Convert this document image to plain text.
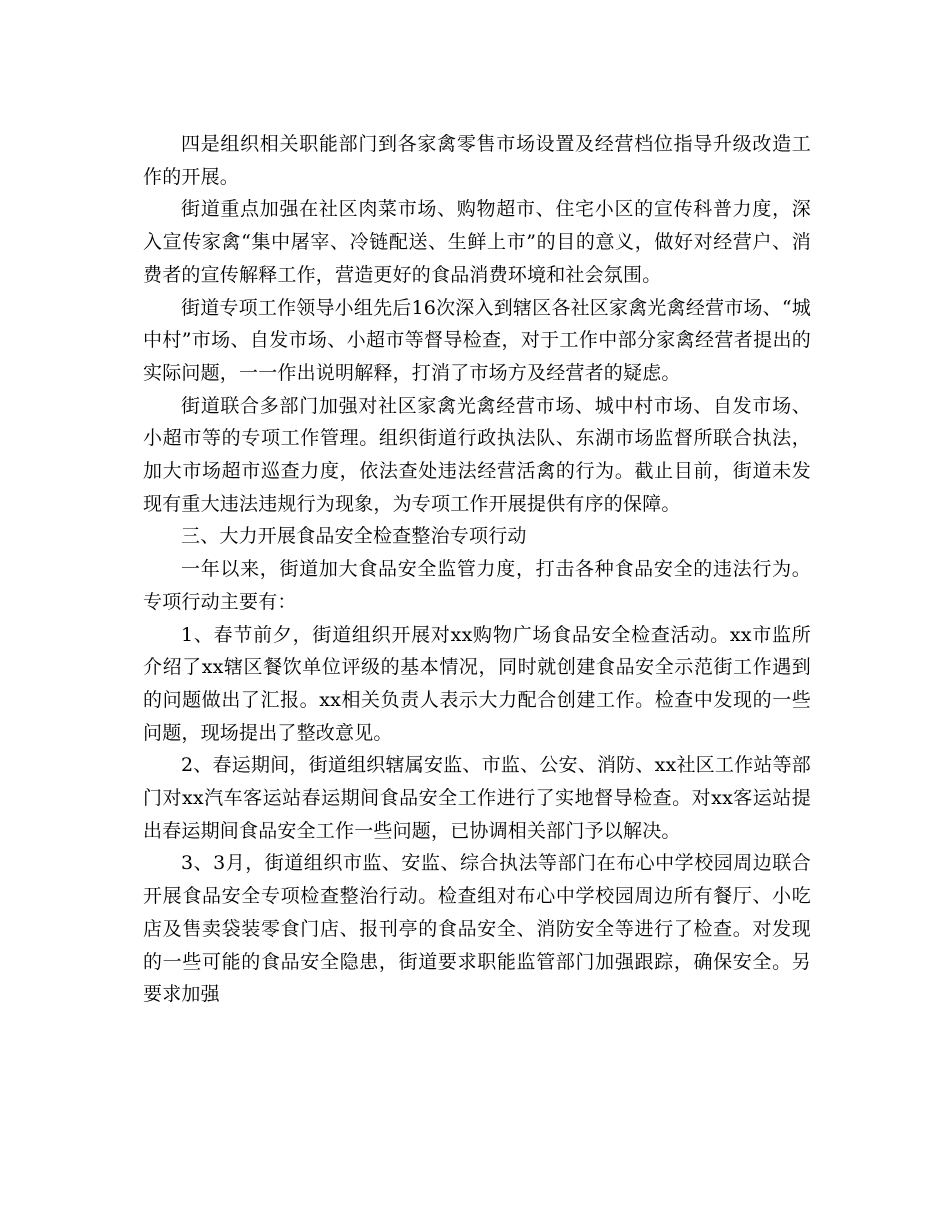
四是组织相关职能部门到各家禽零售市场设置及经营档位指导升级改造工作的开展。

街道重点加强在社区肉菜市场、购物超市、住宅小区的宣传科普力度，深入宣传家禽“集中屠宰、冷链配送、生鲜上市”的目的意义，做好对经营户、消费者的宣传解释工作，营造更好的食品消费环境和社会氛围。

街道专项工作领导小组先后16次深入到辖区各社区家禽光禽经营市场、“城中村”市场、自发市场、小超市等督导检查，对于工作中部分家禽经营者提出的实际问题，一一作出说明解释，打消了市场方及经营者的疑虑。

街道联合多部门加强对社区家禽光禽经营市场、城中村市场、自发市场、小超市等的专项工作管理。组织街道行政执法队、东湖市场监督所联合执法，加大市场超市巡查力度，依法查处违法经营活禽的行为。截止目前，街道未发现有重大违法违规行为现象，为专项工作开展提供有序的保障。

三、大力开展食品安全检查整治专项行动

一年以来，街道加大食品安全监管力度，打击各种食品安全的违法行为。专项行动主要有：

1、春节前夕，街道组织开展对xx购物广场食品安全检查活动。xx市监所介绍了xx辖区餐饮单位评级的基本情况，同时就创建食品安全示范街工作遇到的问题做出了汇报。xx相关负责人表示大力配合创建工作。检查中发现的一些问题，现场提出了整改意见。

2、春运期间，街道组织辖属安监、市监、公安、消防、xx社区工作站等部门对xx汽车客运站春运期间食品安全工作进行了实地督导检查。对xx客运站提出春运期间食品安全工作一些问题，已协调相关部门予以解决。

3、3月，街道组织市监、安监、综合执法等部门在布心中学校园周边联合开展食品安全专项检查整治行动。检查组对布心中学校园周边所有餐厅、小吃店及售卖袋装零食门店、报刊亭的食品安全、消防安全等进行了检查。对发现的一些可能的食品安全隐患，街道要求职能监管部门加强跟踪，确保安全。另要求加强
